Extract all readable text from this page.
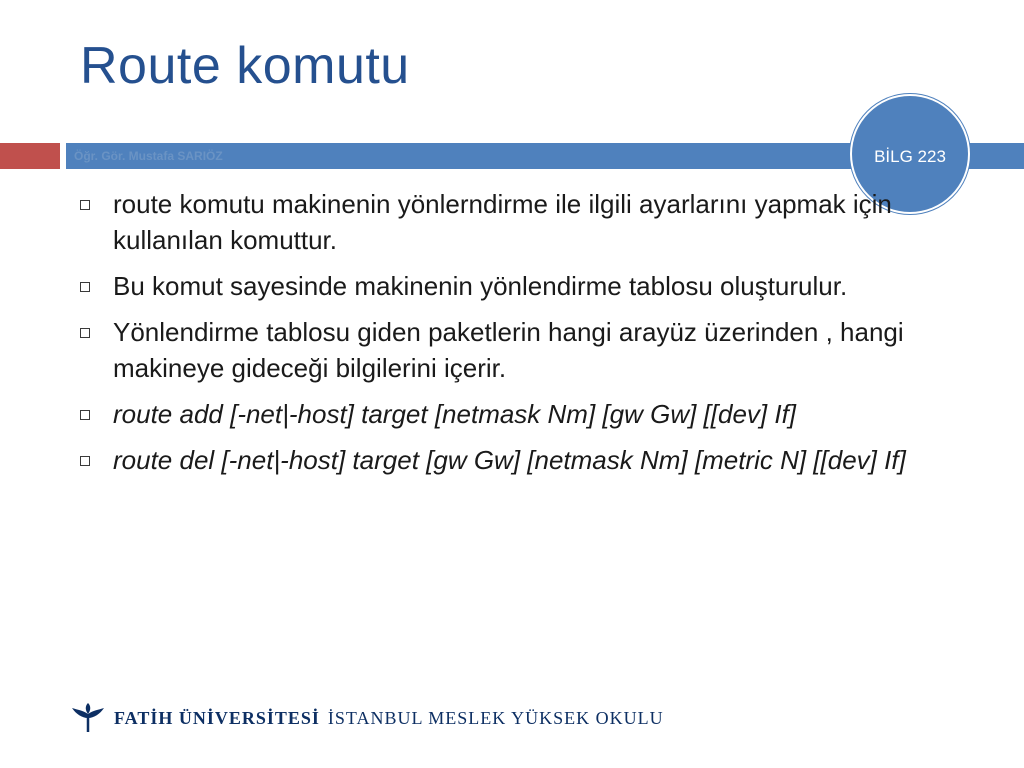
Route komutu
Öğr. Gör. Mustafa SARIÖZ	BİLG 223
route komutu makinenin yönlerndirme ile ilgili ayarlarını yapmak için kullanılan komuttur.
Bu komut sayesinde makinenin yönlendirme tablosu oluşturulur.
Yönlendirme tablosu giden paketlerin hangi arayüz üzerinden , hangi makineye gideceği bilgilerini içerir.
route add [-net|-host] target [netmask Nm] [gw Gw] [[dev] If]
route del [-net|-host] target [gw Gw] [netmask Nm] [metric N] [[dev] If]
FATİH ÜNİVERSİTESİ İSTANBUL MESLEK YÜKSEK OKULU
